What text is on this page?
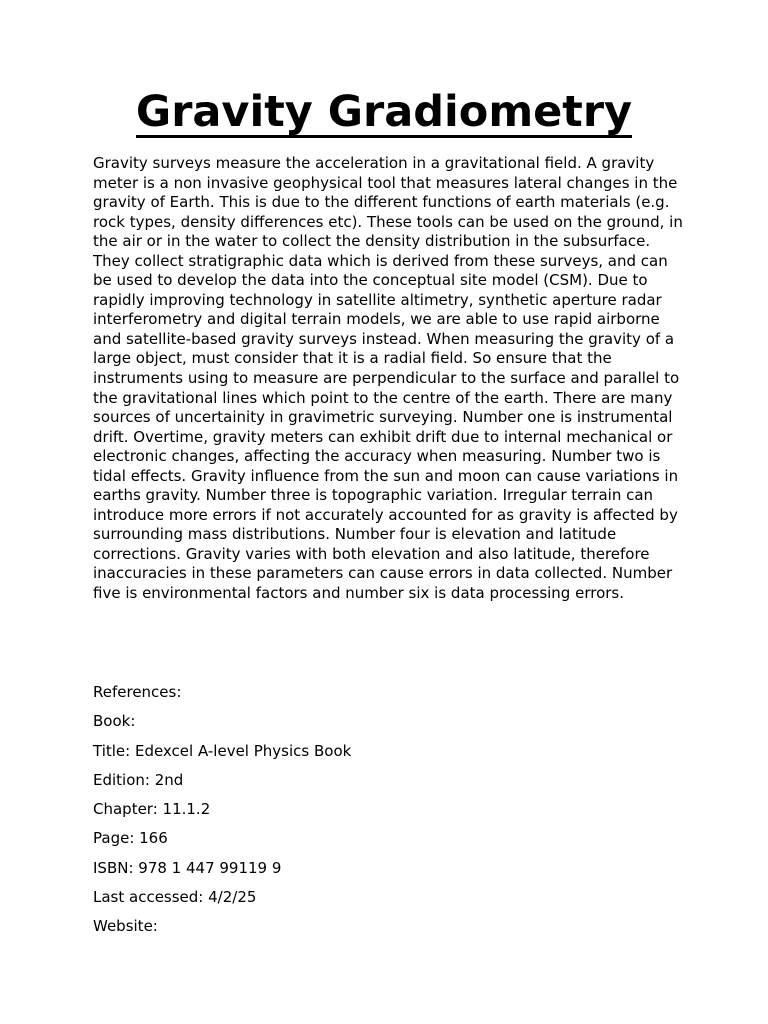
Gravity Gradiometry

Gravity surveys measure the acceleration in a gravitational field. A gravity meter is a non invasive geophysical tool that measures lateral changes in the gravity of Earth. This is due to the different functions of earth materials (e.g. rock types, density differences etc). These tools can be used on the ground, in the air or in the water to collect the density distribution in the subsurface. They collect stratigraphic data which is derived from these surveys, and can be used to develop the data into the conceptual site model (CSM). Due to rapidly improving technology in satellite altimetry, synthetic aperture radar interferometry and digital terrain models, we are able to use rapid airborne and satellite-based gravity surveys instead. When measuring the gravity of a large object, must consider that it is a radial field. So ensure that the instruments using to measure are perpendicular to the surface and parallel to the gravitational lines which point to the centre of the earth. There are many sources of uncertainity in gravimetric surveying. Number one is instrumental drift. Overtime, gravity meters can exhibit drift due to internal mechanical or electronic changes, affecting the accuracy when measuring. Number two is tidal effects. Gravity influence from the sun and moon can cause variations in earths gravity. Number three is topographic variation. Irregular terrain can introduce more errors if not accurately accounted for as gravity is affected by surrounding mass distributions. Number four is elevation and latitude corrections. Gravity varies with both elevation and also latitude, therefore inaccuracies in these parameters can cause errors in data collected. Number five is environmental factors and number six is data processing errors.

References:
Book:
Title: Edexcel A-level Physics Book
Edition: 2nd
Chapter: 11.1.2
Page: 166
ISBN: 978 1 447 99119 9
Last accessed: 4/2/25
Website:
